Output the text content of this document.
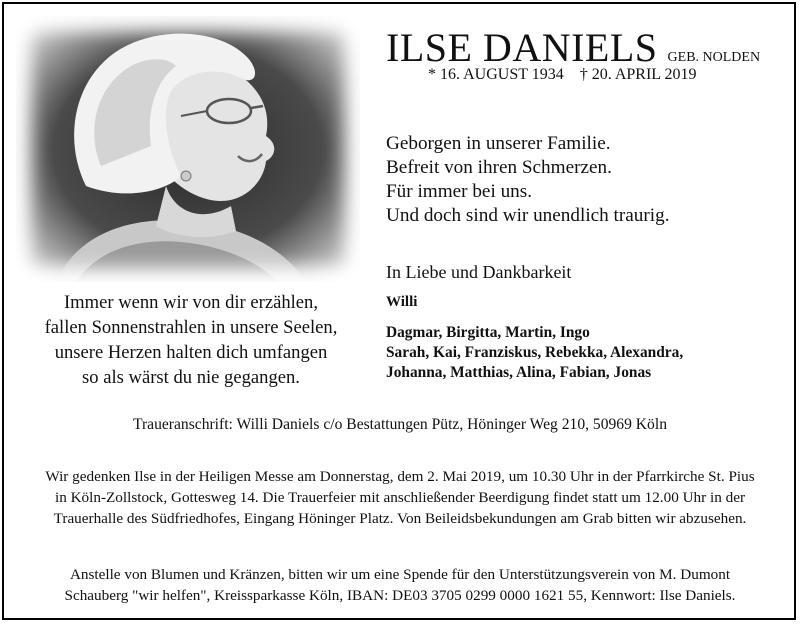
Immer wenn wir von dir erzählen,
fallen Sonnenstrahlen in unsere Seelen,
unsere Herzen halten dich umfangen
so als wärst du nie gegangen.
ILSE DANIELS GEB. NOLDEN
* 16. AUGUST 1934 † 20. APRIL 2019
Geborgen in unserer Familie.
Befreit von ihren Schmerzen.
Für immer bei uns.
Und doch sind wir unendlich traurig.
In Liebe und Dankbarkeit
Willi
Dagmar, Birgitta, Martin, Ingo
Sarah, Kai, Franziskus, Rebekka, Alexandra,
Johanna, Matthias, Alina, Fabian, Jonas
Traueranschrift: Willi Daniels c/o Bestattungen Pütz, Höninger Weg 210, 50969 Köln
Wir gedenken Ilse in der Heiligen Messe am Donnerstag, dem 2. Mai 2019, um 10.30 Uhr in der Pfarrkirche St. Pius
in Köln-Zollstock, Gottesweg 14. Die Trauerfeier mit anschließender Beerdigung findet statt um 12.00 Uhr in der
Trauerhalle des Südfriedhofes, Eingang Höninger Platz. Von Beileidsbekundungen am Grab bitten wir abzusehen.
Anstelle von Blumen und Kränzen, bitten wir um eine Spende für den Unterstützungsverein von M. Dumont
Schauberg "wir helfen", Kreissparkasse Köln, IBAN: DE03 3705 0299 0000 1621 55, Kennwort: Ilse Daniels.
